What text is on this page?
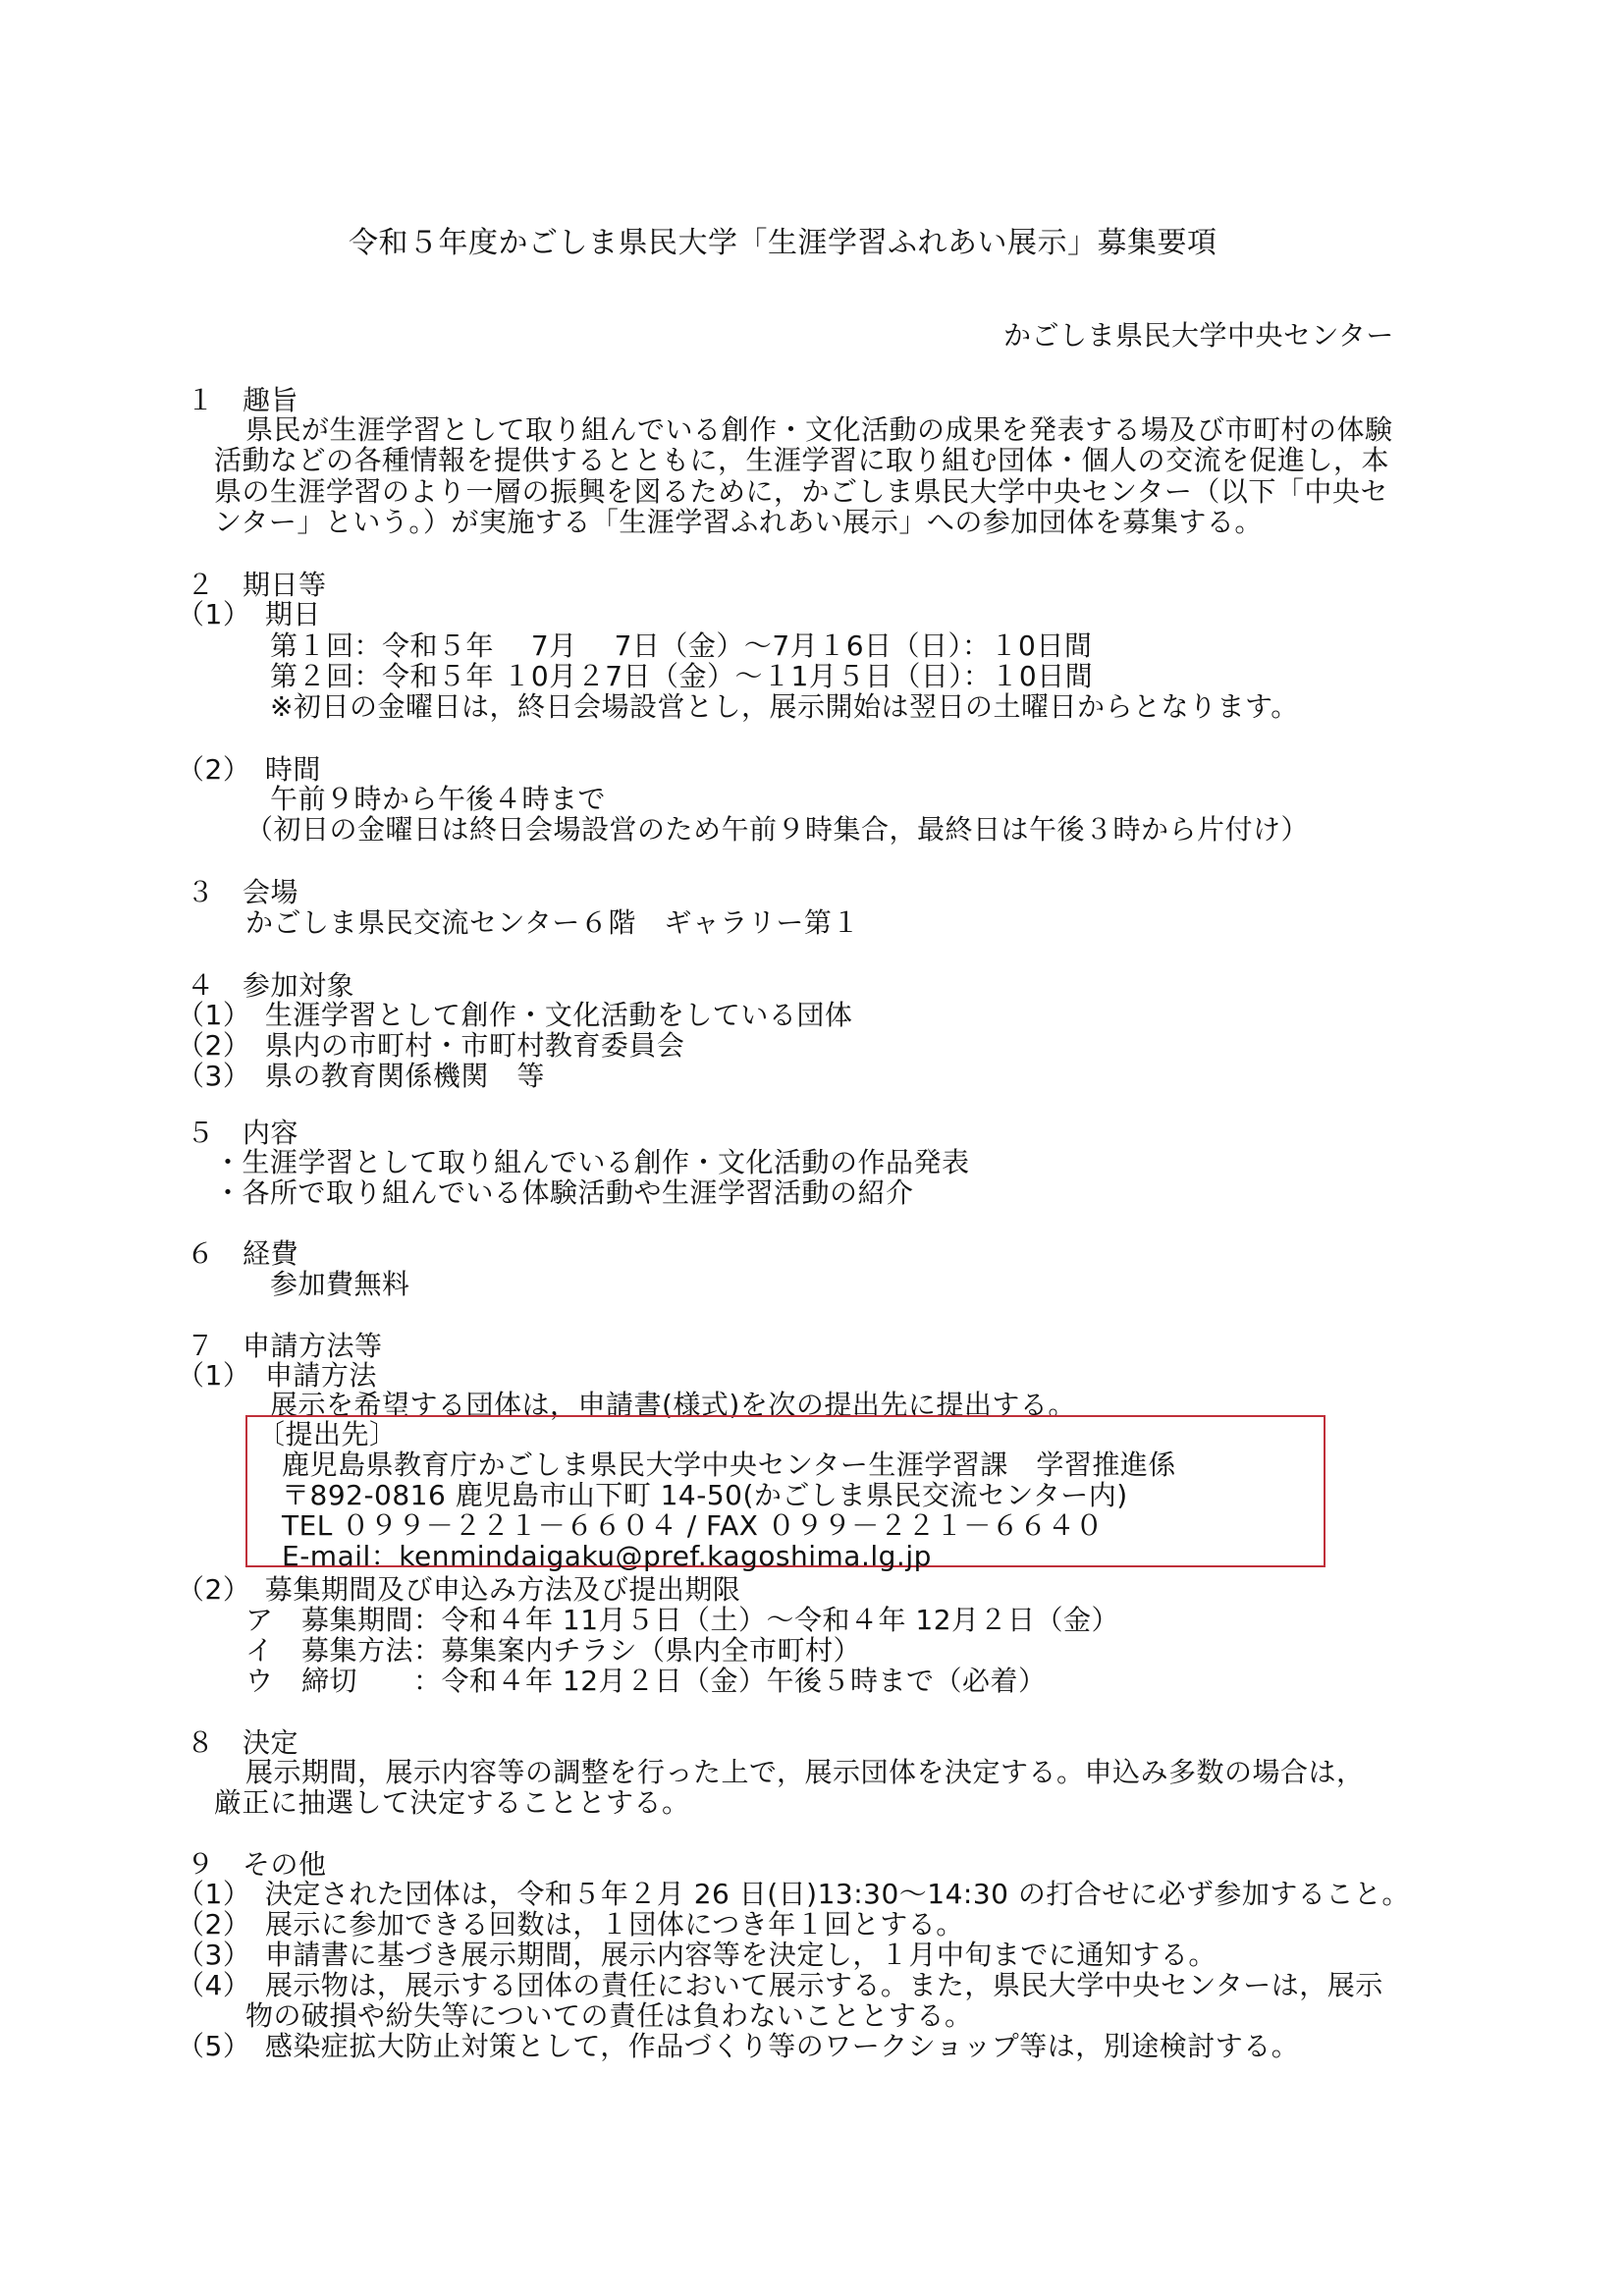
令和５年度かごしま県民大学「生涯学習ふれあい展示」募集要項
かごしま県民大学中央センター
１　趣旨
県民が生涯学習として取り組んでいる創作・文化活動の成果を発表する場及び市町村の体験
活動などの各種情報を提供するとともに，生涯学習に取り組む団体・個人の交流を促進し，本
県の生涯学習のより一層の振興を図るために，かごしま県民大学中央センター（以下「中央セ
ンター」という。）が実施する「生涯学習ふれあい展示」への参加団体を募集する。
２　期日等
（1）　期日
第１回：令和５年　 7月　 7日（金）～7月１6日（日）：１0日間
第２回：令和５年 １0月２7日（金）～１1月５日（日）：１0日間
※初日の金曜日は，終日会場設営とし，展示開始は翌日の土曜日からとなります。
（2）　時間
午前９時から午後４時まで
（初日の金曜日は終日会場設営のため午前９時集合，最終日は午後３時から片付け）
３　会場
かごしま県民交流センター６階　ギャラリー第１
４　参加対象
（1）　生涯学習として創作・文化活動をしている団体
（2）　県内の市町村・市町村教育委員会
（3）　県の教育関係機関　等
５　内容
・生涯学習として取り組んでいる創作・文化活動の作品発表
・各所で取り組んでいる体験活動や生涯学習活動の紹介
６　経費
参加費無料
７　申請方法等
（1）　申請方法
展示を希望する団体は，申請書(様式)を次の提出先に提出する。
〔提出先〕
鹿児島県教育庁かごしま県民大学中央センター生涯学習課　学習推進係
〒892-0816 鹿児島市山下町 14-50(かごしま県民交流センター内)
TEL ０９９－２２１－６６０４ / FAX ０９９－２２１－６６４０
E-mail：kenmindaigaku@pref.kagoshima.lg.jp
（2）　募集期間及び申込み方法及び提出期限
ア　募集期間：令和４年 11月５日（土）～令和４年 12月２日（金）
イ　募集方法：募集案内チラシ（県内全市町村）
ウ　締切　　：令和４年 12月２日（金）午後５時まで（必着）
８　決定
展示期間，展示内容等の調整を行った上で，展示団体を決定する。申込み多数の場合は，
厳正に抽選して決定することとする。
９　その他
（1）　決定された団体は，令和５年２月 26 日(日)13:30～14:30 の打合せに必ず参加すること。
（2）　展示に参加できる回数は，１団体につき年１回とする。
（3）　申請書に基づき展示期間，展示内容等を決定し，１月中旬までに通知する。
（4）　展示物は，展示する団体の責任において展示する。また，県民大学中央センターは，展示
物の破損や紛失等についての責任は負わないこととする。
（5）　感染症拡大防止対策として，作品づくり等のワークショップ等は，別途検討する。
